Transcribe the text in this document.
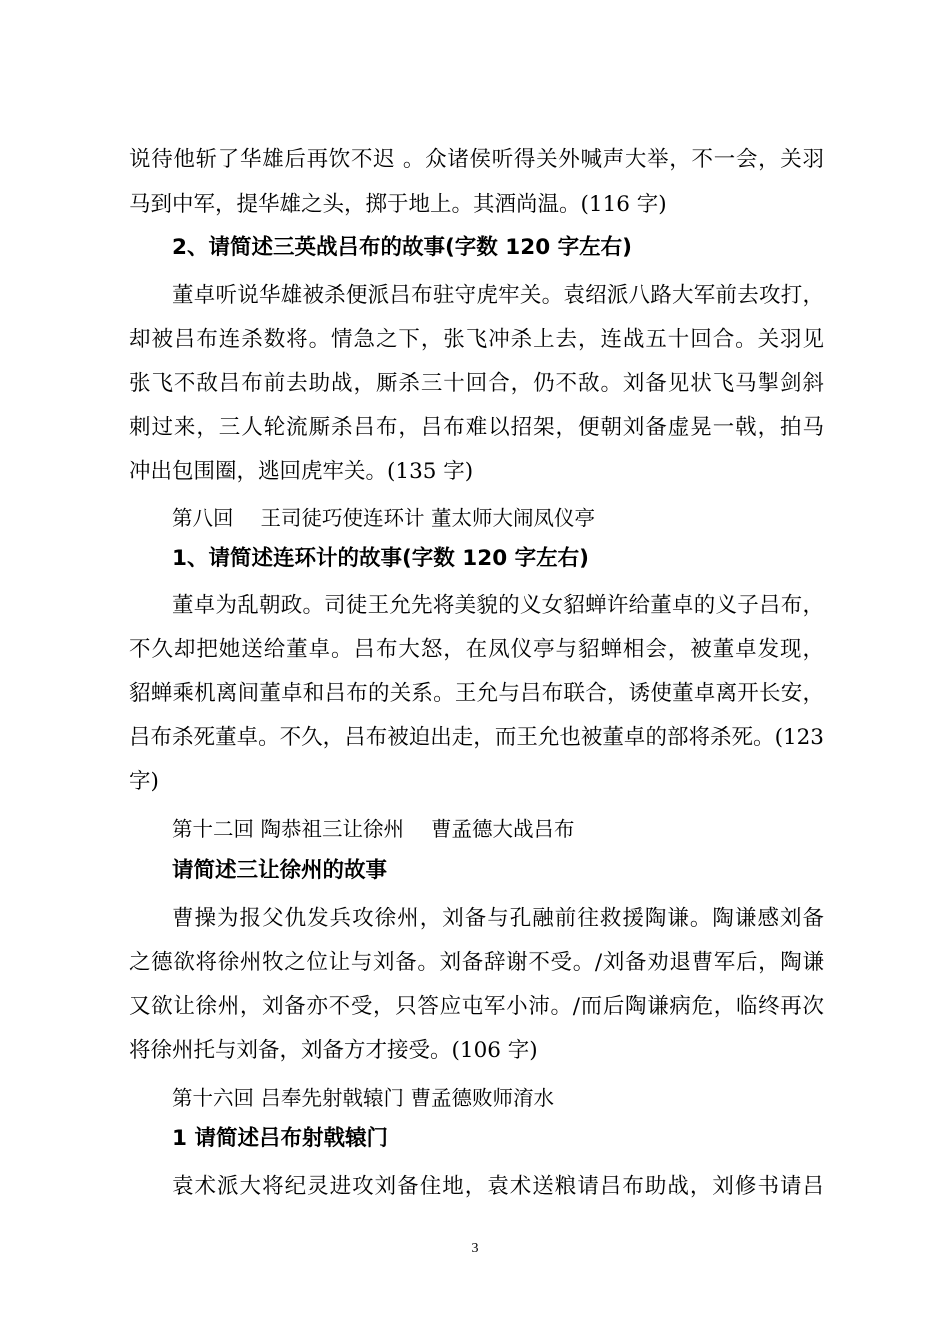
说待他斩了华雄后再饮不迟 。众诸侯听得关外喊声大举，不一会，关羽
马到中军，提华雄之头，掷于地上。其酒尚温。(116 字)
2、请简述三英战吕布的故事(字数 120 字左右)
董卓听说华雄被杀便派吕布驻守虎牢关。袁绍派八路大军前去攻打，
却被吕布连杀数将。情急之下，张飞冲杀上去，连战五十回合。关羽见
张飞不敌吕布前去助战，厮杀三十回合，仍不敌。刘备见状飞马掣剑斜
刺过来，三人轮流厮杀吕布，吕布难以招架，便朝刘备虚晃一戟，拍马
冲出包围圈，逃回虎牢关。(135 字)
第八回　 王司徒巧使连环计 董太师大闹凤仪亭
1、请简述连环计的故事(字数 120 字左右)
董卓为乱朝政。司徒王允先将美貌的义女貂蝉许给董卓的义子吕布，
不久却把她送给董卓。吕布大怒，在凤仪亭与貂蝉相会，被董卓发现，
貂蝉乘机离间董卓和吕布的关系。王允与吕布联合，诱使董卓离开长安，
吕布杀死董卓。不久，吕布被迫出走，而王允也被董卓的部将杀死。(123
字)
第十二回 陶恭祖三让徐州　 曹孟德大战吕布
请简述三让徐州的故事
曹操为报父仇发兵攻徐州，刘备与孔融前往救援陶谦。陶谦感刘备
之德欲将徐州牧之位让与刘备。刘备辞谢不受。/刘备劝退曹军后，陶谦
又欲让徐州，刘备亦不受，只答应屯军小沛。/而后陶谦病危，临终再次
将徐州托与刘备，刘备方才接受。(106 字)
第十六回 吕奉先射戟辕门 曹孟德败师淯水
1 请简述吕布射戟辕门
袁术派大将纪灵进攻刘备住地，袁术送粮请吕布助战，刘修书请吕
3
